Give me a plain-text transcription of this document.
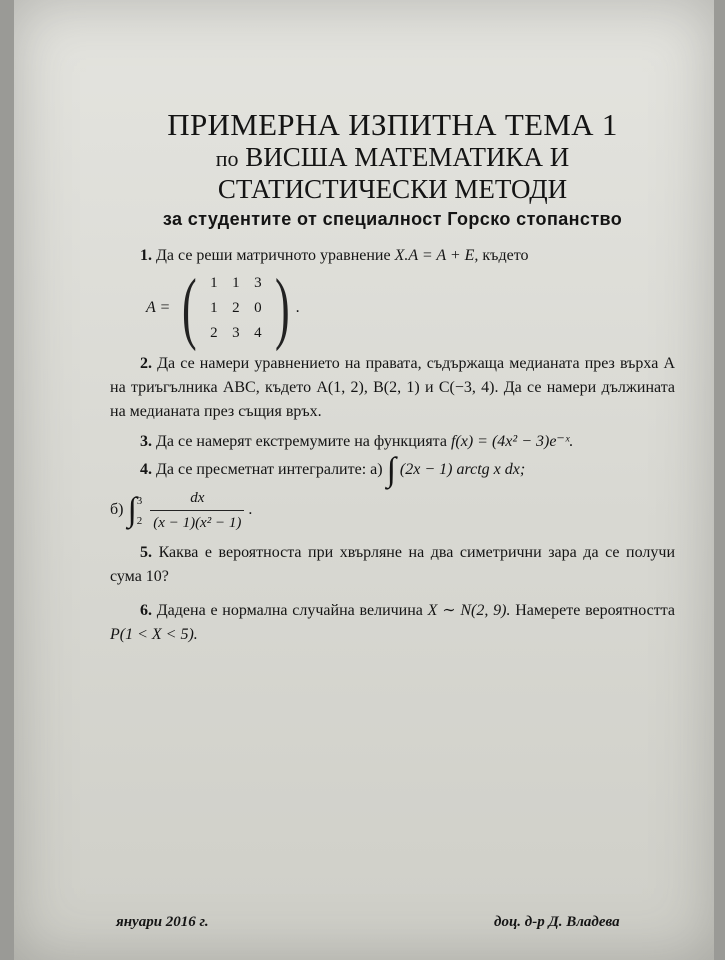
ПРИМЕРНА ИЗПИТНА ТЕМА 1

по ВИСША МАТЕМАТИКА И

СТАТИСТИЧЕСКИ МЕТОДИ

за студентите от специалност Горско стопанство

1. Да се реши матричното уравнение X.A = A + E, където

A = ( 1 1 3
1 2 0
2 3 4 ) .

2. Да се намери уравнението на правата, съдържаща медианата през върха A на триъгълника ABC, където A(1, 2), B(2, 1) и C(−3, 4). Да се намери дължината на медианата през същия връх.

3. Да се намерят екстремумите на функцията f(x) = (4x² − 3)e⁻ˣ.

4. Да се пресметнат интегралите: а) ∫ (2x − 1) arctg x dx;

б) ∫ 3
2
$\frac{dx}{\text{(x − 1)(x² − 1)}}$ .

5. Каква е вероятноста при хвърляне на два симетрични зара да се получи сума 10?

6. Дадена е нормална случайна величина X ∼ N(2, 9). Намерете вероятността P(1 < X < 5).

януари 2016 г.	доц. д-р Д. Владева
